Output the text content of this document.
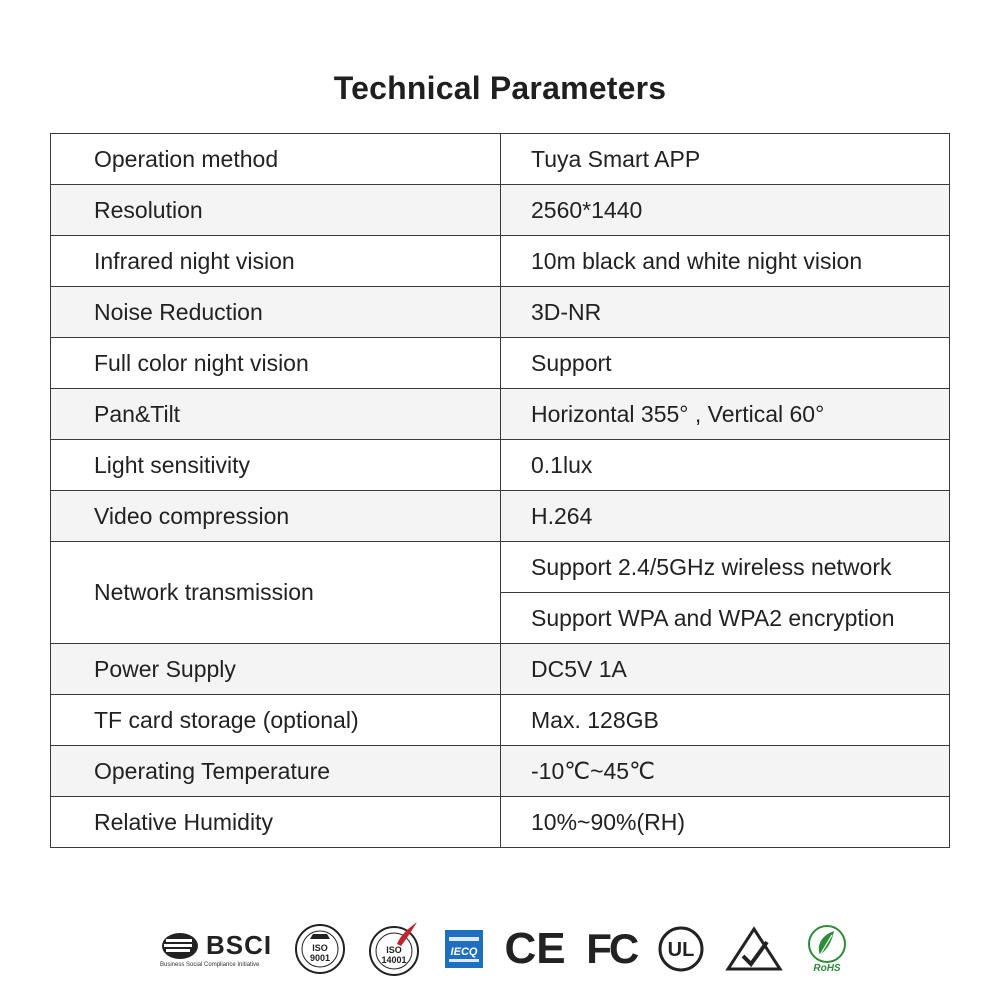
Technical Parameters
Operation method	Tuya Smart APP
Resolution	2560*1440
Infrared night vision	10m black and white night vision
Noise Reduction	3D-NR
Full color night vision	Support
Pan&Tilt	Horizontal 355° , Vertical 60°
Light sensitivity	0.1lux
Video compression	H.264
Network transmission	Support 2.4/5GHz wireless network
	Support WPA and WPA2 encryption
Power Supply	DC5V 1A
TF card storage (optional)	Max. 128GB
Operating Temperature	-10℃~45℃
Relative Humidity	10%~90%(RH)
BSCI
Business Social Compliance Initiative
ISO
9001
ISO
14001
IECQ CE FC UL
RoHS
